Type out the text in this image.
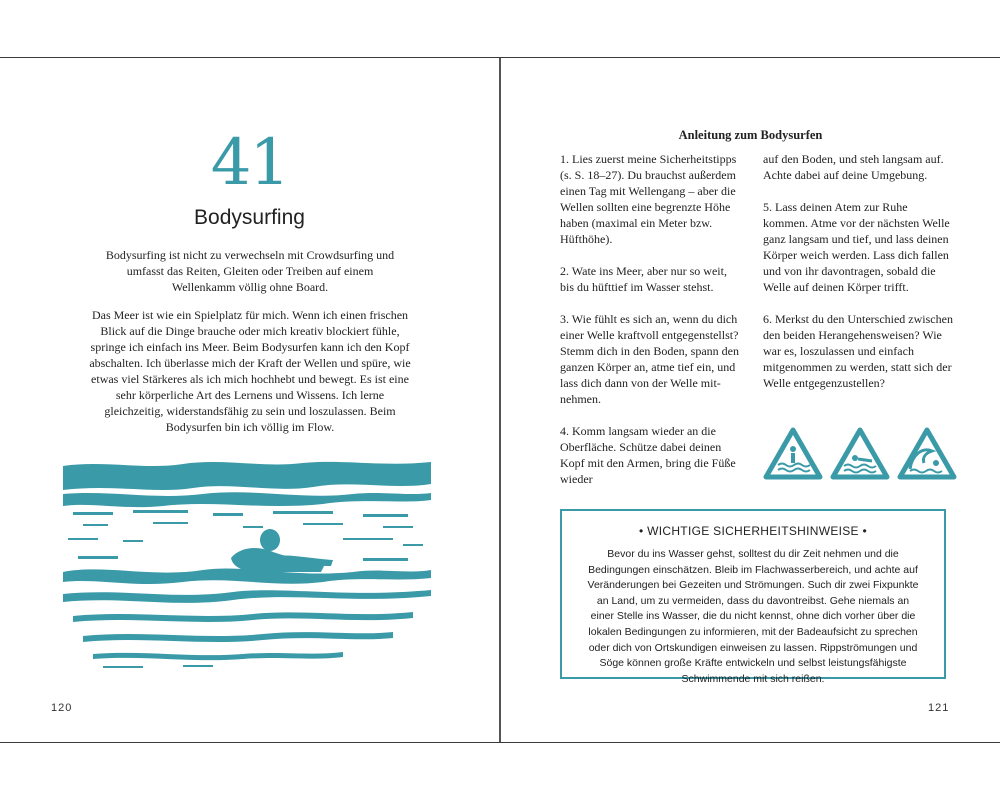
41
Bodysurfing

Bodysurfing ist nicht zu verwechseln mit Crowdsurfing und umfasst das Reiten, Gleiten oder Treiben auf einem Wellenkamm völlig ohne Board.

Das Meer ist wie ein Spielplatz für mich. Wenn ich einen frischen Blick auf die Dinge brauche oder mich kreativ blockiert fühle, springe ich einfach ins Meer. Beim Bodysurfen kann ich den Kopf abschalten. Ich überlasse mich der Kraft der Wellen und spüre, wie etwas viel Stärkeres als ich mich hochhebt und bewegt. Es ist eine sehr körperliche Art des Lernens und Wissens. Ich lerne gleichzeitig, widerstandsfähig zu sein und loszulassen. Beim Bodysurfen bin ich völlig im Flow.

120
Anleitung zum Bodysurfen

1. Lies zuerst meine Sicherheitstipps (s. S. 18–27). Du brauchst außerdem einen Tag mit Wellengang – aber die Wellen sollten eine begrenzte Höhe haben (maximal ein Meter bzw. Hüfthöhe).

2. Wate ins Meer, aber nur so weit, bis du hüfttief im Wasser stehst.

3. Wie fühlt es sich an, wenn du dich einer Welle kraftvoll entgegenstellst? Stemm dich in den Boden, spann den ganzen Körper an, atme tief ein, und lass dich dann von der Welle mitnehmen.

4. Komm langsam wieder an die Oberfläche. Schütze dabei deinen Kopf mit den Armen, bring die Füße wieder

auf den Boden, und steh langsam auf. Achte dabei auf deine Umgebung.

5. Lass deinen Atem zur Ruhe kommen. Atme vor der nächsten Welle ganz langsam und tief, und lass deinen Körper weich werden. Lass dich fallen und von ihr davontragen, sobald die Welle auf deinen Körper trifft.

6. Merkst du den Unterschied zwischen den beiden Herangehensweisen? Wie war es, loszulassen und einfach mitgenommen zu werden, statt sich der Welle entgegenzustellen?

• WICHTIGE SICHERHEITSHINWEISE •

Bevor du ins Wasser gehst, solltest du dir Zeit nehmen und die Bedingungen einschätzen. Bleib im Flachwasserbereich, und achte auf Veränderungen bei Gezeiten und Strömungen. Such dir zwei Fixpunkte an Land, um zu vermeiden, dass du davontreibst. Gehe niemals an einer Stelle ins Wasser, die du nicht kennst, ohne dich vorher über die lokalen Bedingungen zu informieren, mit der Badeaufsicht zu sprechen oder dich von Ortskundigen einweisen zu lassen. Rippströmungen und Söge können große Kräfte entwickeln und selbst leistungsfähigste Schwimmende mit sich reißen.

121
